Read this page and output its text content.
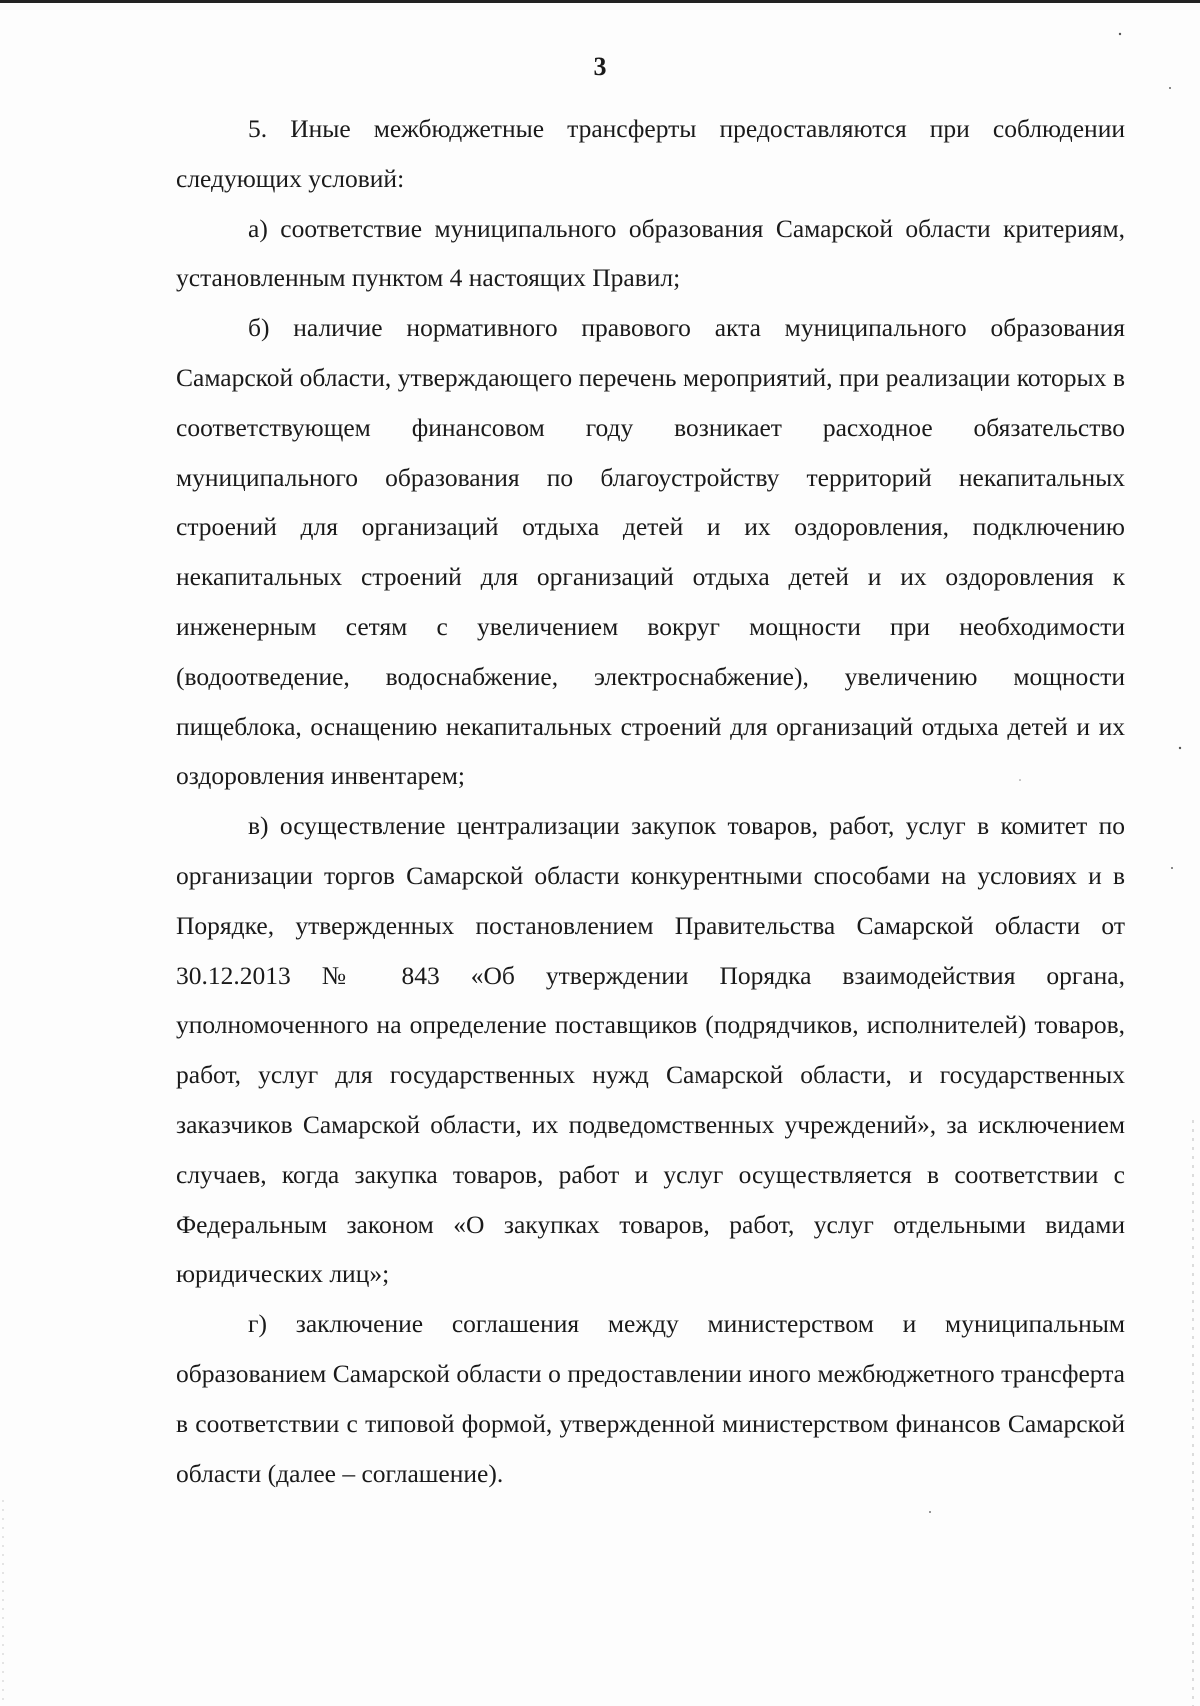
3

5. Иные межбюджетные трансферты предоставляются при соблюдении следующих условий:

а) соответствие муниципального образования Самарской области критериям, установленным пунктом 4 настоящих Правил;

б) наличие нормативного правового акта муниципального образования Самарской области, утверждающего перечень мероприятий, при реализации которых в соответствующем финансовом году возникает расходное обязательство муниципального образования по благоустройству территорий некапитальных строений для организаций отдыха детей и их оздоровления, подключению некапитальных строений для организаций отдыха детей и их оздоровления к инженерным сетям с увеличением вокруг мощности при необходимости (водоотведение, водоснабжение, электроснабжение), увеличению мощности пищеблока, оснащению некапитальных строений для организаций отдыха детей и их оздоровления инвентарем;

в) осуществление централизации закупок товаров, работ, услуг в комитет по организации торгов Самарской области конкурентными способами на условиях и в Порядке, утвержденных постановлением Правительства Самарской области от 30.12.2013 № 843 «Об утверждении Порядка взаимодействия органа, уполномоченного на определение поставщиков (подрядчиков, исполнителей) товаров, работ, услуг для государственных нужд Самарской области, и государственных заказчиков Самарской области, их подведомственных учреждений», за исключением случаев, когда закупка товаров, работ и услуг осуществляется в соответствии с Федеральным законом «О закупках товаров, работ, услуг отдельными видами юридических лиц»;

г) заключение соглашения между министерством и муниципальным образованием Самарской области о предоставлении иного межбюджетного трансферта в соответствии с типовой формой, утвержденной министерством финансов Самарской области (далее – соглашение).
